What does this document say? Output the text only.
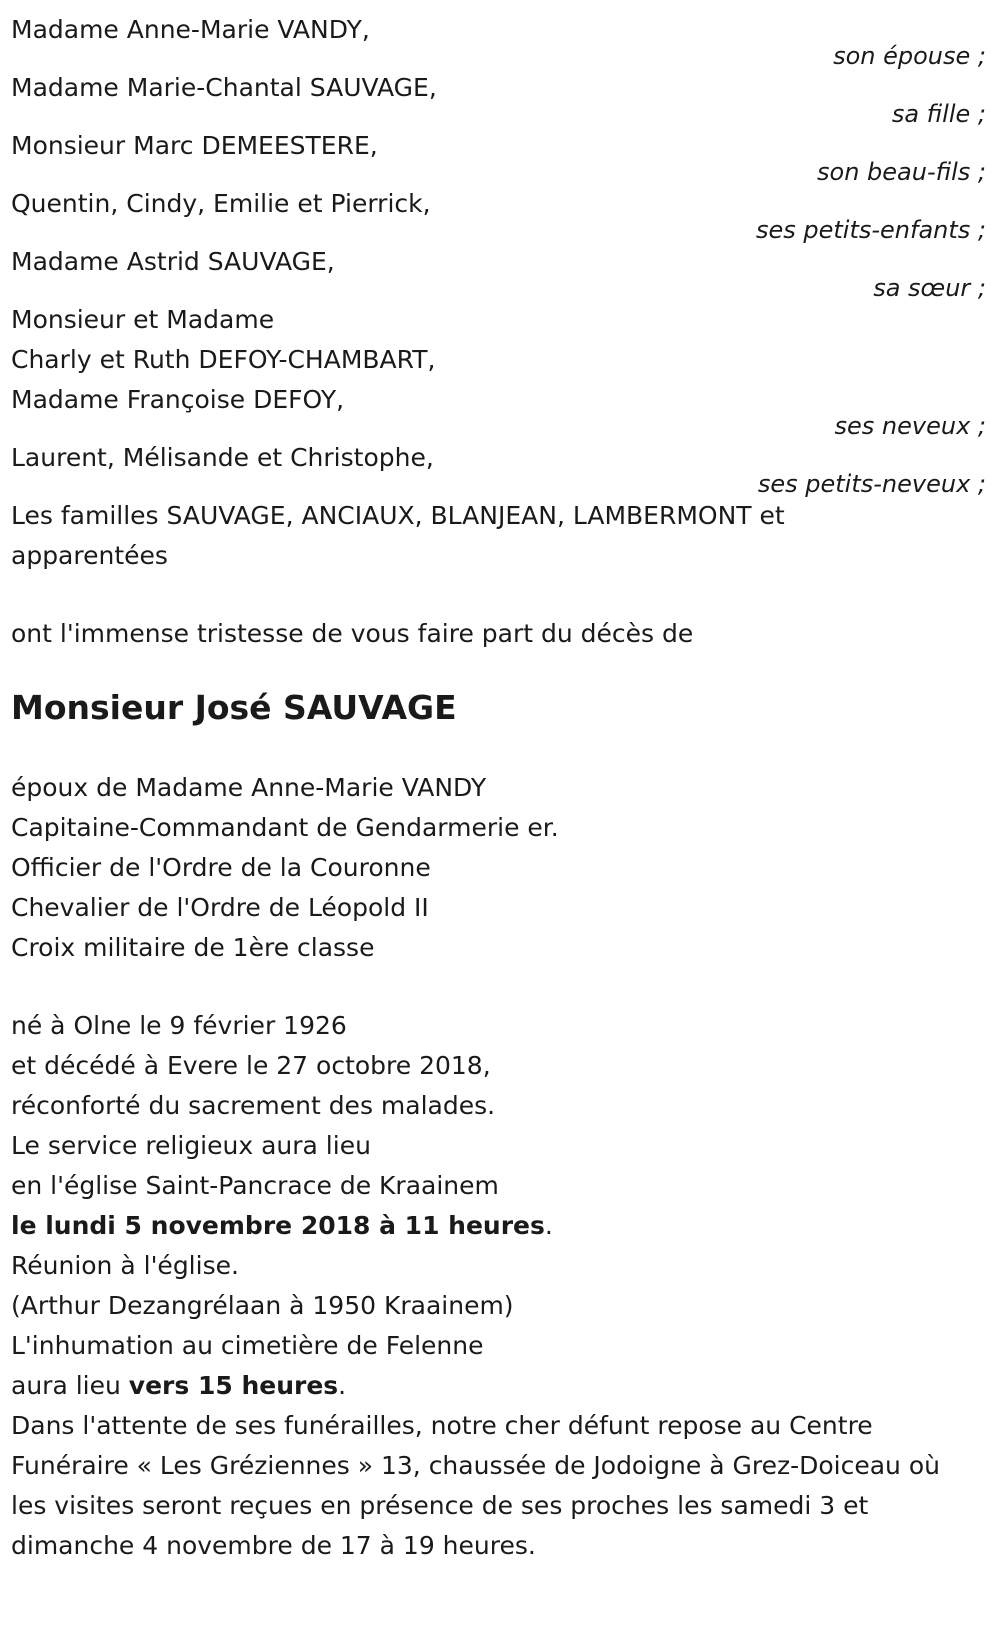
Madame Anne-Marie VANDY,
son épouse ;
Madame Marie-Chantal SAUVAGE,
sa fille ;
Monsieur Marc DEMEESTERE,
son beau-fils ;
Quentin, Cindy, Emilie et Pierrick,
ses petits-enfants ;
Madame Astrid SAUVAGE,
sa sœur ;
Monsieur et Madame
Charly et Ruth DEFOY-CHAMBART,
Madame Françoise DEFOY,
ses neveux ;
Laurent, Mélisande et Christophe,
ses petits-neveux ;
Les familles SAUVAGE, ANCIAUX, BLANJEAN, LAMBERMONT et apparentées
ont l'immense tristesse de vous faire part du décès de
Monsieur José SAUVAGE
époux de Madame Anne-Marie VANDY
Capitaine-Commandant de Gendarmerie er.
Officier de l'Ordre de la Couronne
Chevalier de l'Ordre de Léopold II
Croix militaire de 1ère classe
né à Olne le 9 février 1926
et décédé à Evere le 27 octobre 2018,
réconforté du sacrement des malades.
Le service religieux aura lieu
en l'église Saint-Pancrace de Kraainem
le lundi 5 novembre 2018 à 11 heures.
Réunion à l'église.
(Arthur Dezangrélaan à 1950 Kraainem)
L'inhumation au cimetière de Felenne
aura lieu vers 15 heures.
Dans l'attente de ses funérailles, notre cher défunt repose au Centre Funéraire « Les Gréziennes » 13, chaussée de Jodoigne à Grez-Doiceau où les visites seront reçues en présence de ses proches les samedi 3 et dimanche 4 novembre de 17 à 19 heures.
